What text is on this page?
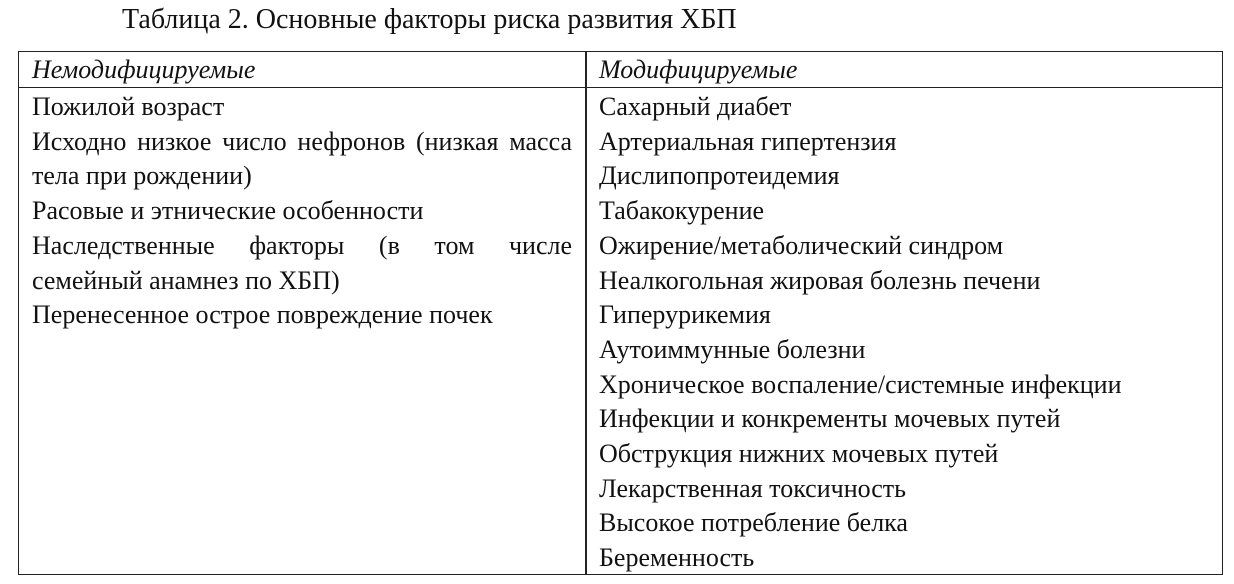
Таблица 2. Основные факторы риска развития ХБП
Немодифицируемые	Модифицируемые
Пожилой возраст
Исходно низкое число нефронов (низкая масса тела при рождении)
Расовые и этнические особенности
Наследственные факторы (в том числе семейный анамнез по ХБП)
Перенесенное острое повреждение почек
Сахарный диабет
Артериальная гипертензия
Дислипопротеидемия
Табакокурение
Ожирение/метаболический синдром
Неалкогольная жировая болезнь печени
Гиперурикемия
Аутоиммунные болезни
Хроническое воспаление/системные инфекции
Инфекции и конкременты мочевых путей
Обструкция нижних мочевых путей
Лекарственная токсичность
Высокое потребление белка
Беременность
